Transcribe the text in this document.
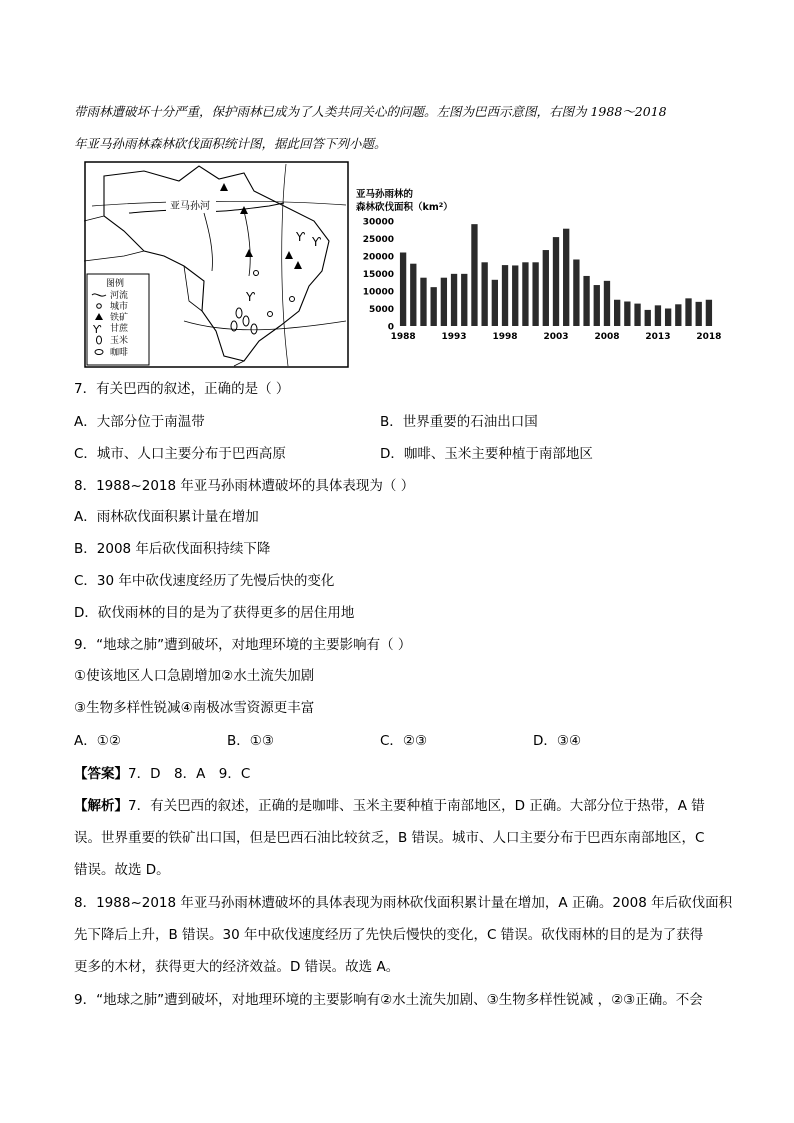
带雨林遭破坏十分严重，保护雨林已成为了人类共同关心的问题。左图为巴西示意图，右图为 1988～2018
年亚马孙雨林森林砍伐面积统计图，据此回答下列小题。
亚马孙河
Ƴ
Ƴ
Ƴ
图例
河流
城市
铁矿
Ƴ 甘蔗
玉米
咖啡
亚马孙雨林的
森林砍伐面积$(km^2)$
30000
25000
20000
15000
10000
5000
0
1988	1993	1998	2003	2008	2013	2018
7．有关巴西的叙述，正确的是（ ）
A．大部分位于南温带	B．世界重要的石油出口国
C．城市、人口主要分布于巴西高原	D．咖啡、玉米主要种植于南部地区
8．1988~2018 年亚马孙雨林遭破坏的具体表现为（ ）
A．雨林砍伐面积累计量在增加
B．2008 年后砍伐面积持续下降
C．30 年中砍伐速度经历了先慢后快的变化
D．砍伐雨林的目的是为了获得更多的居住用地
9．“地球之肺”遭到破坏，对地理环境的主要影响有（ ）
①使该地区人口急剧增加②水土流失加剧
③生物多样性锐减④南极冰雪资源更丰富
A．①②	B．①③	C．②③	D．③④
【答案】7．D　8．A　9．C
【解析】7．有关巴西的叙述，正确的是咖啡、玉米主要种植于南部地区，D 正确。大部分位于热带，A 错
误。世界重要的铁矿出口国，但是巴西石油比较贫乏，B 错误。城市、人口主要分布于巴西东南部地区，C
错误。故选 D。
8．1988~2018 年亚马孙雨林遭破坏的具体表现为雨林砍伐面积累计量在增加，A 正确。2008 年后砍伐面积
先下降后上升，B 错误。30 年中砍伐速度经历了先快后慢快的变化，C 错误。砍伐雨林的目的是为了获得
更多的木材，获得更大的经济效益。D 错误。故选 A。
9．“地球之肺”遭到破坏，对地理环境的主要影响有②水土流失加剧、③生物多样性锐减 ，②③正确。不会
